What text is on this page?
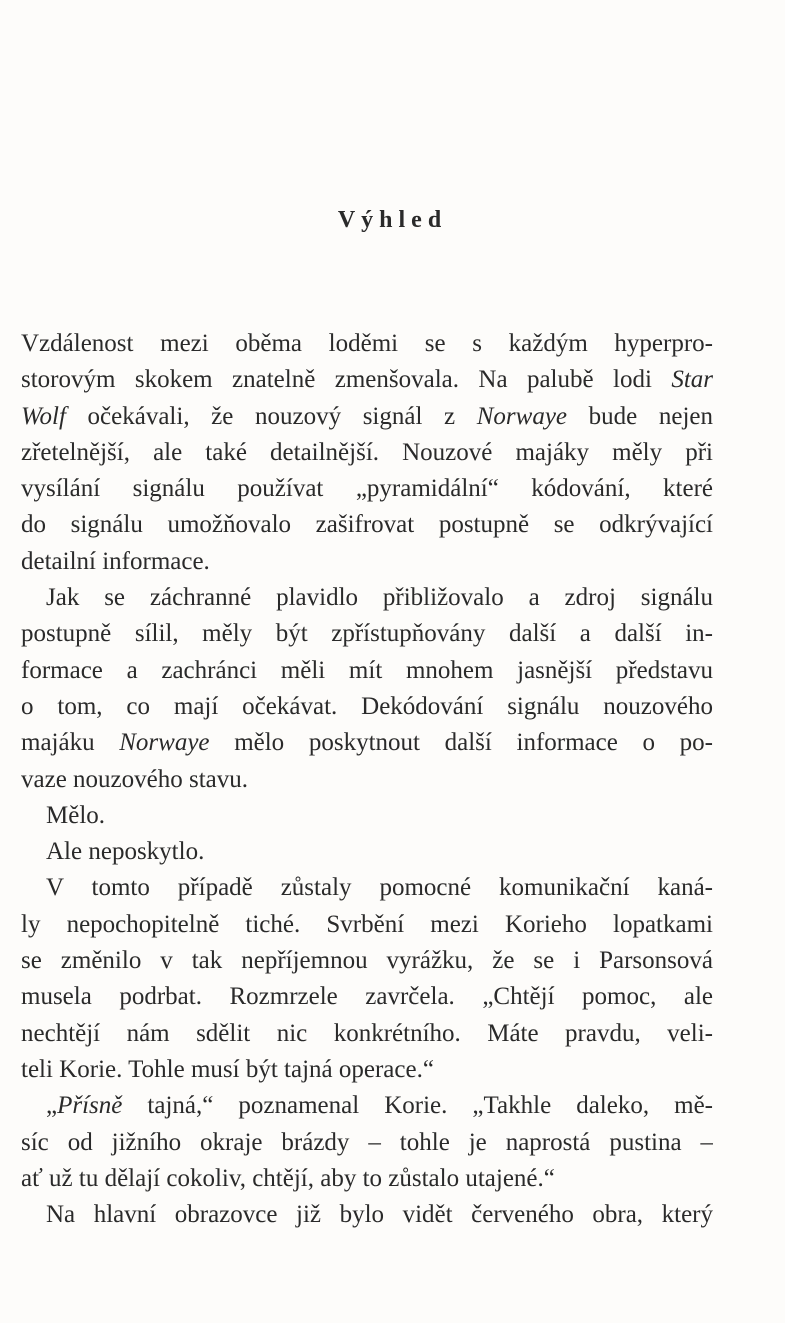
Výhled
Vzdálenost mezi oběma loděmi se s každým hyperpro-
storovým skokem znatelně zmenšovala. Na palubě lodi Star
Wolf očekávali, že nouzový signál z Norwaye bude nejen
zřetelnější, ale také detailnější. Nouzové majáky měly při
vysílání signálu používat „pyramidální“ kódování, které
do signálu umožňovalo zašifrovat postupně se odkrývající
detailní informace.
Jak se záchranné plavidlo přibližovalo a zdroj signálu
postupně sílil, měly být zpřístupňovány další a další in-
formace a zachránci měli mít mnohem jasnější představu
o tom, co mají očekávat. Dekódování signálu nouzového
majáku Norwaye mělo poskytnout další informace o po-
vaze nouzového stavu.
Mělo.
Ale neposkytlo.
V tomto případě zůstaly pomocné komunikační kaná-
ly nepochopitelně tiché. Svrbění mezi Korieho lopatkami
se změnilo v tak nepříjemnou vyrážku, že se i Parsonsová
musela podrbat. Rozmrzele zavrčela. „Chtějí pomoc, ale
nechtějí nám sdělit nic konkrétního. Máte pravdu, veli-
teli Korie. Tohle musí být tajná operace.“
„Přísně tajná,“ poznamenal Korie. „Takhle daleko, mě-
síc od jižního okraje brázdy – tohle je naprostá pustina –
ať už tu dělají cokoliv, chtějí, aby to zůstalo utajené.“
Na hlavní obrazovce již bylo vidět červeného obra, který
